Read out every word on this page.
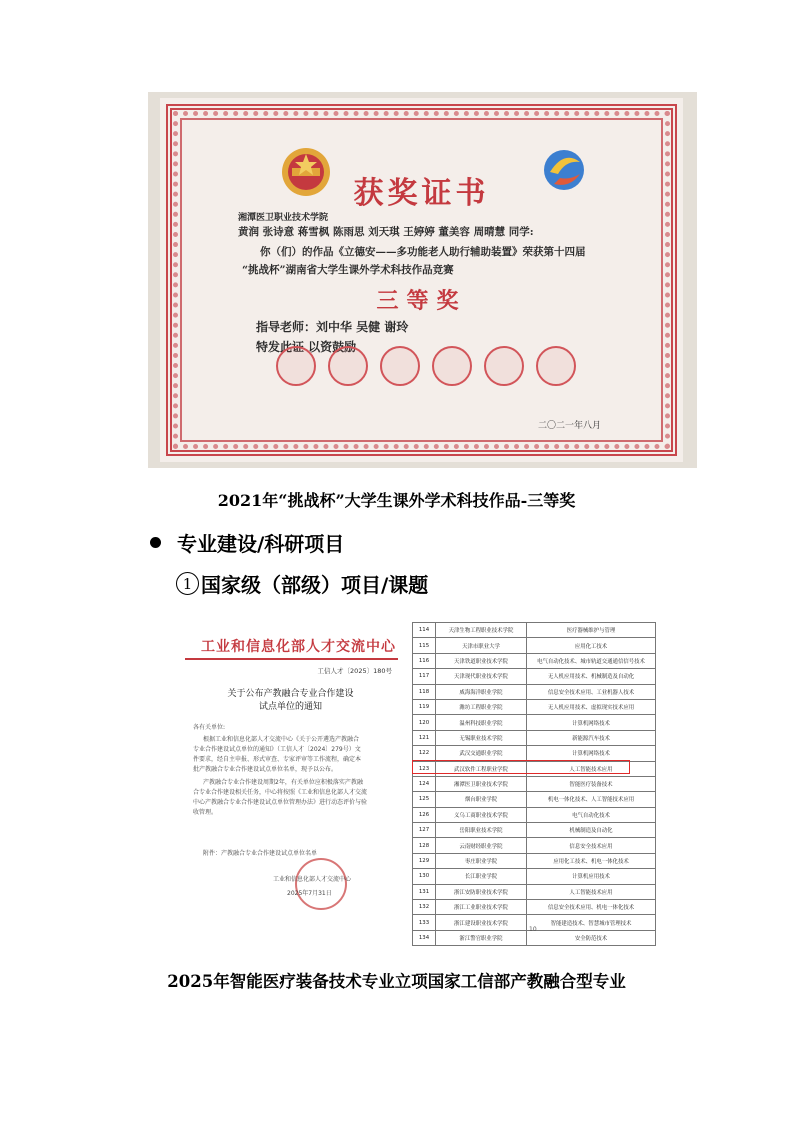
获奖证书
湘潭医卫职业技术学院
黄润 张诗意 蒋雪枫 陈雨思 刘天琪 王婷婷 董美容 周晴慧 同学:
你（们）的作品《立德安——多功能老人助行辅助装置》荣获第十四届
“挑战杯”湖南省大学生课外学术科技作品竞赛
三等奖
指导老师：刘中华 吴健 谢玲
特发此证 以资鼓励
二〇二一年八月
2021年“挑战杯”大学生课外学术科技作品-三等奖
专业建设/科研项目
1 国家级（部级）项目/课题
工业和信息化部人才交流中心
工信人才〔2025〕180号
关于公布产教融合专业合作建设
试点单位的通知
各有关单位:
根据工业和信息化部人才交流中心《关于公开遴选产教融合
专业合作建设试点单位的通知》（工信人才〔2024〕279号）文
件要求，经自主申报、形式审查、专家评审等工作流程，确定本
批产教融合专业合作建设试点单位名单，现予以公布。
产教融合专业合作建设周期2年，有关单位应积极落实产教融
合专业合作建设相关任务，中心将按照《工业和信息化部人才交流
中心产教融合专业合作建设试点单位管理办法》进行动态评价与验
收管理。
附件：产教融合专业合作建设试点单位名单
工业和信息化部人才交流中心
2025年7月31日
114	天津生物工程职业技术学院	医疗器械维护与管理
115	天津市职业大学	应用化工技术
116	天津铁道职业技术学院	电气自动化技术、城市轨道交通通信信号技术
117	天津现代职业技术学院	无人机应用技术、机械制造及自动化
118	威海海洋职业学院	信息安全技术应用、工业机器人技术
119	潍坊工程职业学院	无人机应用技术、虚拟现实技术应用
120	温州科技职业学院	计算机网络技术
121	无锡职业技术学院	新能源汽车技术
122	武汉交通职业学院	计算机网络技术
123	武汉软件工程职业学院	人工智能技术应用
124	湘潭医卫职业技术学院	智能医疗装备技术
125	烟台职业学院	机电一体化技术、人工智能技术应用
126	义乌工商职业技术学院	电气自动化技术
127	岳阳职业技术学院	机械制造及自动化
128	云南财经职业学院	信息安全技术应用
129	枣庄职业学院	应用化工技术、机电一体化技术
130	长江职业学院	计算机应用技术
131	浙江安防职业技术学院	人工智能技术应用
132	浙江工业职业技术学院	信息安全技术应用、机电一体化技术
133	浙江建设职业技术学院	智能建造技术、智慧城市管理技术
134	浙江警官职业学院	安全防范技术
10
2025年智能医疗装备技术专业立项国家工信部产教融合型专业
